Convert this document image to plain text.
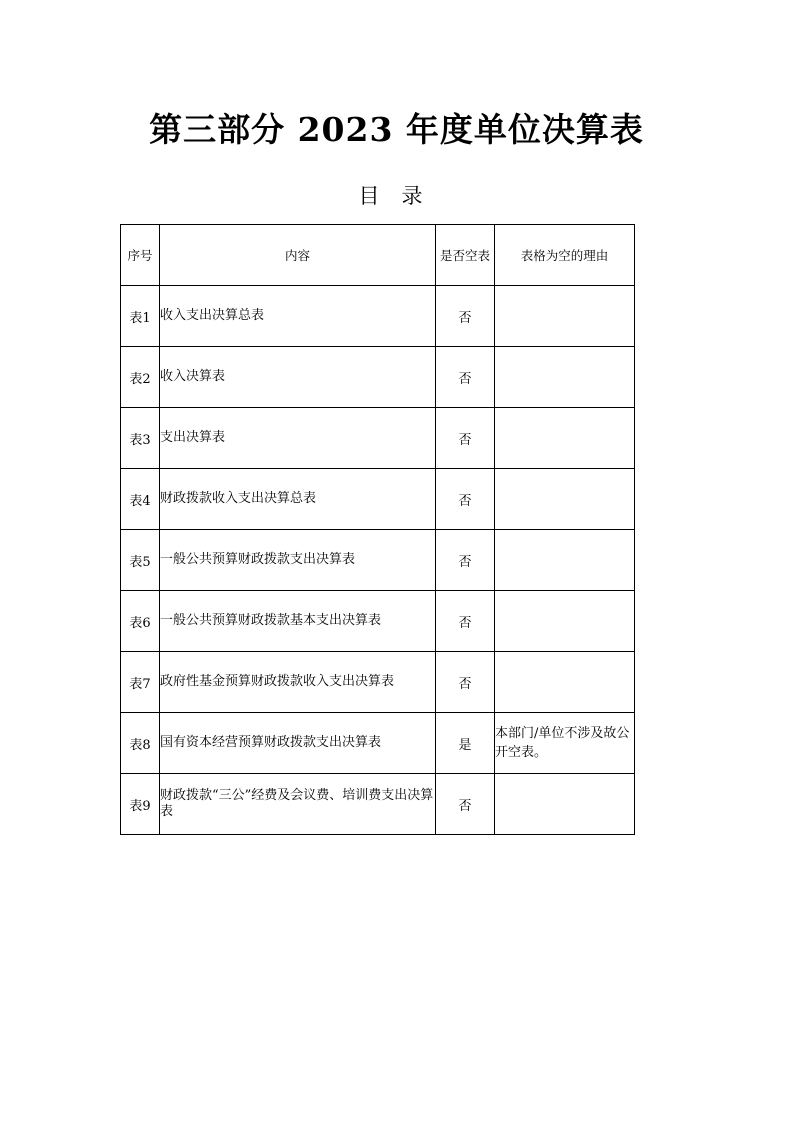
第三部分 2023 年度单位决算表
目录
序号	内容	是否空表	表格为空的理由
表1	收入支出决算总表	否	
表2	收入决算表	否	
表3	支出决算表	否	
表4	财政拨款收入支出决算总表	否	
表5	一般公共预算财政拨款支出决算表	否	
表6	一般公共预算财政拨款基本支出决算表	否	
表7	政府性基金预算财政拨款收入支出决算表	否	
表8	国有资本经营预算财政拨款支出决算表	是	本部门/单位不涉及故公开空表。
表9	财政拨款“三公”经费及会议费、培训费支出决算表	否	
